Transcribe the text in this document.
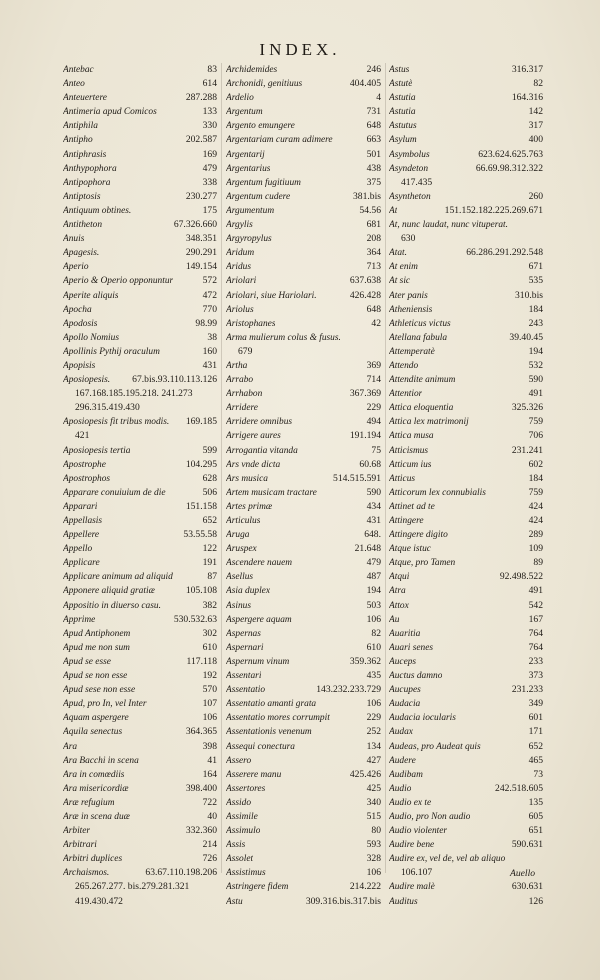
INDEX.
Antebac	83
Anteo	614
Anteuertere	287.288
Antimeria apud Comicos	133
Antiphila	330
Antipho	202.587
Antiphrasis	169
Anthypophora	479
Antipophora	338
Antiptosis	230.277
Antiquum obtines.	175
Antitheton	67.326.660
Anuis	348.351
Apagesis.	290.291
Aperio	149.154
Aperio & Operio opponuntur	572
Aperite aliquis	472
Apocha	770
Apodosis	98.99
Apollo Nomius	38
Apollinis Pythij oraculum	160
Apopisis	431
Aposiopesis.	67.bis.93.110.113.126
167.168.185.195.218. 241.273
296.315.419.430
Aposiopesis fit tribus modis.	169.185
421
Aposiopesis tertia	599
Apostrophe	104.295
Apostrophos	628
Apparare conuiuium de die	506
Apparari	151.158
Appellasis	652
Appellere	53.55.58
Appello	122
Applicare	191
Applicare animum ad aliquid	87
Apponere aliquid gratiæ	105.108
Appositio in diuerso casu.	382
Apprime	530.532.63
Apud Antiphonem	302
Apud me non sum	610
Apud se esse	117.118
Apud se non esse	192
Apud sese non esse	570
Apud, pro In, vel Inter	107
Aquam aspergere	106
Aquila senectus	364.365
Ara	398
Ara Bacchi in scena	41
Ara in comœdiis	164
Ara misericordiæ	398.400
Aræ refugium	722
Aræ in scena duæ	40
Arbiter	332.360
Arbitrari	214
Arbitri duplices	726
Archaismos.	63.67.110.198.206
265.267.277. bis.279.281.321
419.430.472
Archidemides	246
Archonidi, genitiuus	404.405
Ardelio	4
Argentum	731
Argento emungere	648
Argentariam curam adimere	663
Argentarij	501
Argentarius	438
Argentum fugitiuum	375
Argentum cudere	381.bis
Argumentum	54.56
Argylis	681
Argyropylus	208
Aridum	364
Aridus	713
Ariolari	637.638
Ariolari, siue Hariolari.	426.428
Ariolus	648
Aristophanes	42
Arma mulierum colus & fusus.
679
Artha	369
Arrabo	714
Arrhabon	367.369
Arridere	229
Arridere omnibus	494
Arrigere aures	191.194
Arrogantia vitanda	75
Ars vnde dicta	60.68
Ars musica	514.515.591
Artem musicam tractare	590
Artes primæ	434
Articulus	431
Aruga	648.
Aruspex	21.648
Ascendere nauem	479
Asellus	487
Asia duplex	194
Asinus	503
Aspergere aquam	106
Aspernas	82
Aspernari	610
Aspernum vinum	359.362
Assentari	435
Assentatio	143.232.233.729
Assentatio amanti grata	106
Assentatio mores corrumpit	229
Assentationis venenum	252
Assequi conectura	134
Assero	427
Asserere manu	425.426
Assertores	425
Assido	340
Assimile	515
Assimulo	80
Assis	593
Assolet	328
Assistimus	106
Astringere fidem	214.222
Astu	309.316.bis.317.bis
Astus	316.317
Astutè	82
Astutia	164.316
Astutia	142
Astutus	317
Asylum	400
Asymbolus	623.624.625.763
Asyndeton	66.69.98.312.322
417.435
Asyntheton	260
At	151.152.182.225.269.671
At, nunc laudat, nunc vituperat.
630
Atat.	66.286.291.292.548
At enim	671
At sic	535
Ater panis	310.bis
Atheniensis	184
Athleticus victus	243
Atellana fabula	39.40.45
Attemperatè	194
Attendo	532
Attendite animum	590
Attentior	491
Attica eloquentia	325.326
Attica lex matrimonij	759
Attica musa	706
Atticismus	231.241
Atticum ius	602
Atticus	184
Atticorum lex connubialis	759
Attinet ad te	424
Attingere	424
Attingere digito	289
Atque istuc	109
Atque, pro Tamen	89
Atqui	92.498.522
Atra	491
Attox	542
Au	167
Auaritia	764
Auari senes	764
Auceps	233
Auctus damno	373
Aucupes	231.233
Audacia	349
Audacia iocularis	601
Audax	171
Audeas, pro Audeat quis	652
Audere	465
Audibam	73
Audio	242.518.605
Audio ex te	135
Audio, pro Non audio	605
Audio violenter	651
Audire bene	590.631
Audire ex, vel de, vel ab aliquo
106.107
Audire malè	630.631
Auditus	126
Auello
